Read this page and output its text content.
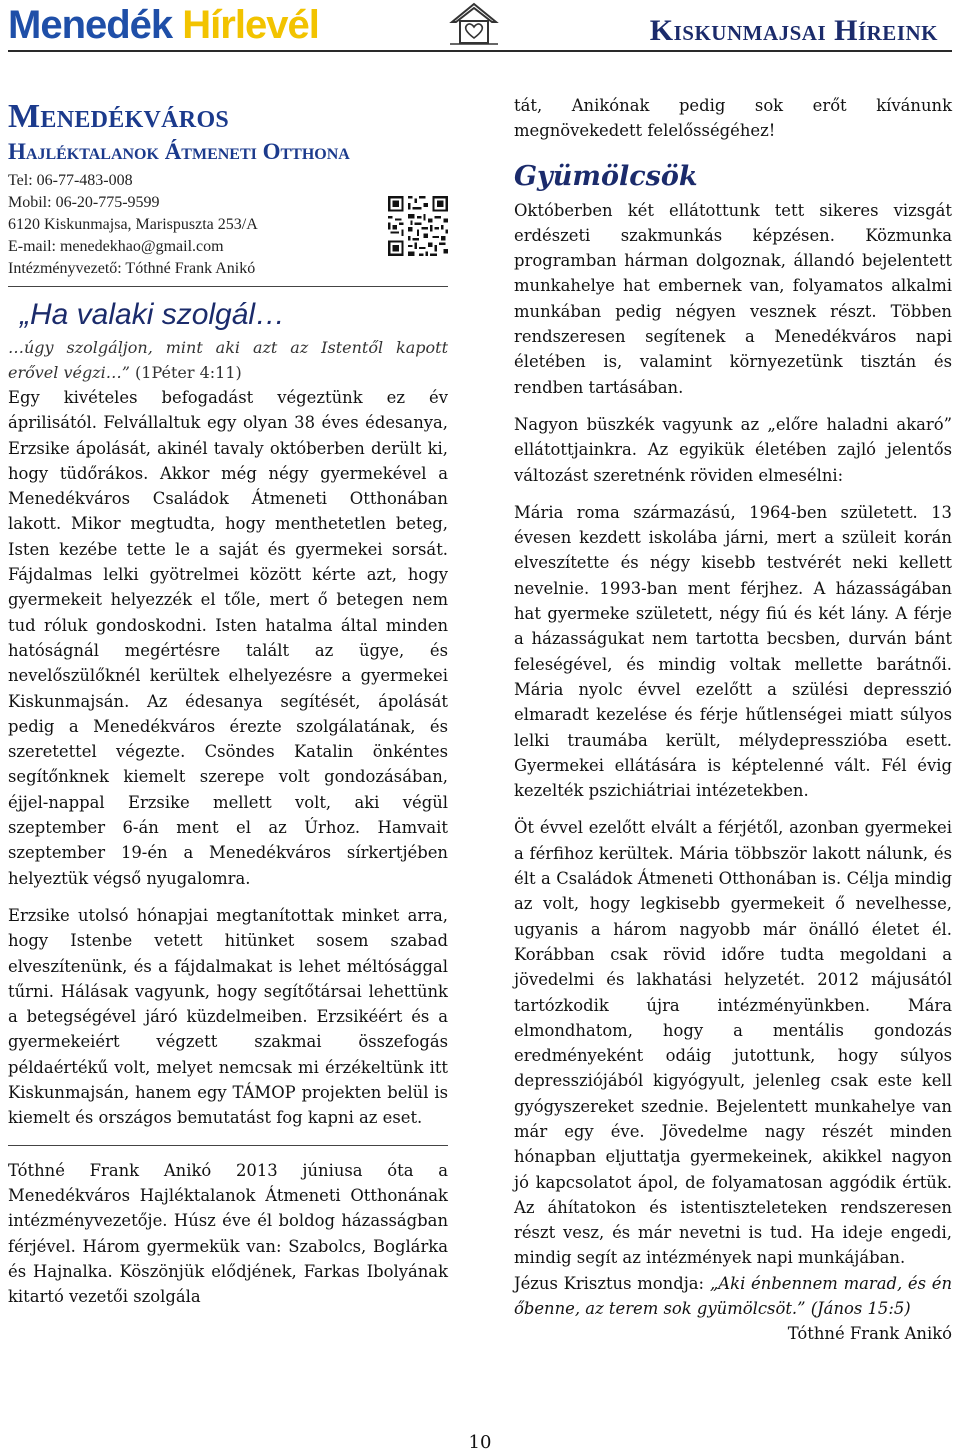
Menedék Hírlevél	Kiskunmajsai Híreink
Menedékváros
Hajléktalanok Átmeneti Otthona

Tel: 06-77-483-008

Mobil: 06-20-775-9599

6120 Kiskunmajsa, Marispuszta 253/A

E-mail: menedekhao@gmail.com

Intézményvezető: Tóthné Frank Anikó

„Ha valaki szolgál…

…úgy szolgáljon, mint aki azt az Istentől kapott erővel végzi…” (1Péter 4:11)

Egy kivételes befogadást végeztünk ez év áprilisától. Felvállaltuk egy olyan 38 éves édesanya, Erzsike ápolását, akinél tavaly októberben derült ki, hogy tüdőrákos. Akkor még négy gyermekével a Menedékváros Családok Átmeneti Otthonában lakott. Mikor megtudta, hogy menthetetlen beteg, Isten kezébe tette le a saját és gyermekei sorsát. Fájdalmas lelki gyötrelmei között kérte azt, hogy gyermekeit helyezzék el tőle, mert ő betegen nem tud róluk gondoskodni. Isten hatalma által minden hatóságnál megértésre talált az ügye, és nevelőszülőknél kerültek elhelyezésre a gyermekei Kiskunmajsán. Az édesanya segítését, ápolását pedig a Menedékváros érezte szolgálatának, és szeretettel végezte. Csöndes Katalin önkéntes segítőnknek kiemelt szerepe volt gondozásában, éjjel-nappal Erzsike mellett volt, aki végül szeptember 6-án ment el az Úrhoz. Hamvait szeptember 19-én a Menedékváros sírkertjében helyeztük végső nyugalomra.

Erzsike utolsó hónapjai megtanítottak minket arra, hogy Istenbe vetett hitünket sosem szabad elveszítenünk, és a fájdalmakat is lehet méltósággal tűrni. Hálásak vagyunk, hogy segítőtársai lehettünk a betegségével járó küzdelmeiben. Erzsikéért és a gyermekeiért végzett szakmai összefogás példaértékű volt, melyet nemcsak mi érzékeltünk itt Kiskunmajsán, hanem egy TÁMOP projekten belül is kiemelt és országos bemutatást fog kapni az eset.

Tóthné Frank Anikó 2013 júniusa óta a Menedékváros Hajléktalanok Átmeneti Otthonának intézményvezetője. Húsz éve él boldog házasságban férjével. Három gyermekük van: Szabolcs, Boglárka és Hajnalka. Köszönjük elődjének, Farkas Ibolyának kitartó vezetői szolgála

tát, Anikónak pedig sok erőt kívánunk megnövekedett felelősségéhez!

Gyümölcsök

Októberben két ellátottunk tett sikeres vizsgát erdészeti szakmunkás képzésen. Közmunka programban hárman dolgoznak, állandó bejelentett munkahelye hat embernek van, folyamatos alkalmi munkában pedig négyen vesznek részt. Többen rendszeresen segítenek a Menedékváros napi életében is, valamint környezetünk tisztán és rendben tartásában.

Nagyon büszkék vagyunk az „előre haladni akaró” ellátottjainkra. Az egyikük életében zajló jelentős változást szeretnénk röviden elmesélni:

Mária roma származású, 1964-ben született. 13 évesen kezdett iskolába járni, mert a szüleit korán elveszítette és négy kisebb testvérét neki kellett nevelnie. 1993-ban ment férjhez. A házasságában hat gyermeke született, négy fiú és két lány. A férje a házasságukat nem tartotta becsben, durván bánt feleségével, és mindig voltak mellette barátnői. Mária nyolc évvel ezelőtt a szülési depresszió elmaradt kezelése és férje hűtlenségei miatt súlyos lelki traumába került, mélydepresszióba esett. Gyermekei ellátására is képtelenné vált. Fél évig kezelték pszichiátriai intézetekben.

Öt évvel ezelőtt elvált a férjétől, azonban gyermekei a férfihoz kerültek. Mária többször lakott nálunk, és élt a Családok Átmeneti Otthonában is. Célja mindig az volt, hogy legkisebb gyermekeit ő nevelhesse, ugyanis a három nagyobb már önálló életet él. Korábban csak rövid időre tudta megoldani a jövedelmi és lakhatási helyzetét. 2012 májusától tartózkodik újra intézményünkben. Mára elmondhatom, hogy a mentális gondozás eredményeként odáig jutottunk, hogy súlyos depressziójából kigyógyult, jelenleg csak este kell gyógyszereket szednie. Bejelentett munkahelye van már egy éve. Jövedelme nagy részét minden hónapban eljuttatja gyermekeinek, akikkel nagyon jó kapcsolatot ápol, de folyamatosan aggódik értük. Az áhítatokon és istentiszteleteken rendszeresen részt vesz, és már nevetni is tud. Ha ideje engedi, mindig segít az intézmények napi munkájában.

Jézus Krisztus mondja: „Aki énbennem marad, és én őbenne, az terem sok gyümölcsöt.” (János 15:5)

Tóthné Frank Anikó

10
